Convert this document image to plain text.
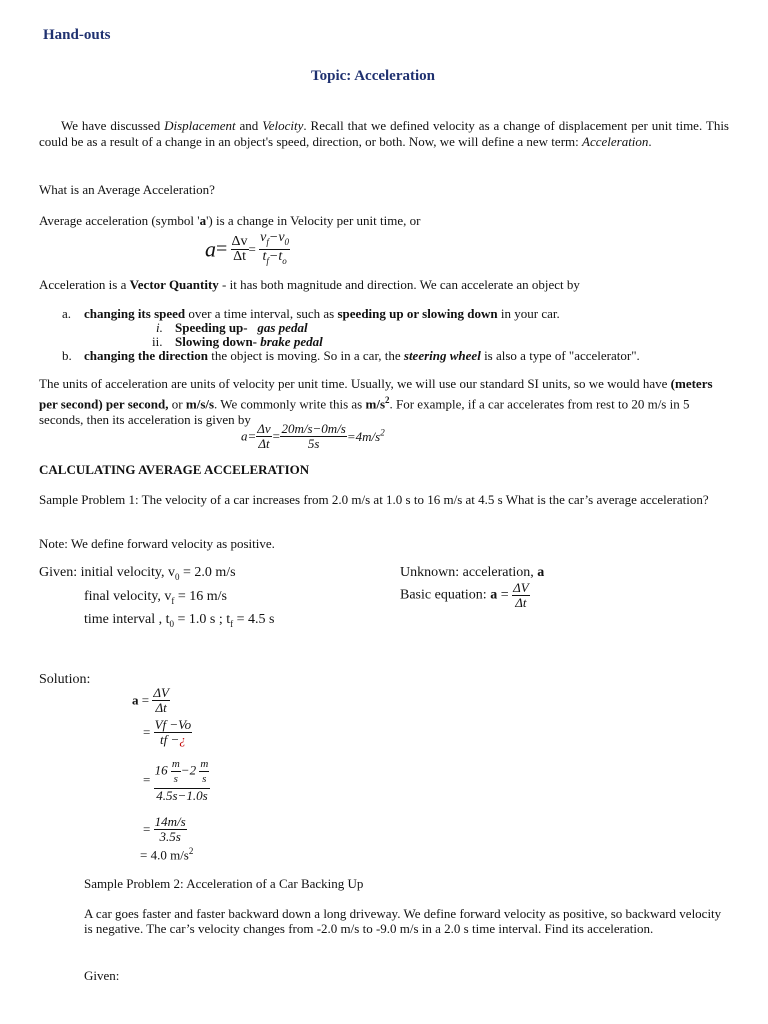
Hand-outs
Topic: Acceleration
We have discussed Displacement and Velocity. Recall that we defined velocity as a change of displacement per unit time. This could be as a result of a change in an object's speed, direction, or both. Now, we will define a new term: Acceleration.
What is an Average Acceleration?
Average acceleration (symbol 'a') is a change in Velocity per unit time, or
$a= \frac{\Delta v}{\Delta t} = \frac{v_f-v_0}{t_f-t_o}$
Acceleration is a Vector Quantity - it has both magnitude and direction. We can accelerate an object by
a. changing its speed over a time interval, such as speeding up or slowing down in your car.
i. Speeding up- gas pedal
ii. Slowing down- brake pedal
b. changing the direction the object is moving. So in a car, the steering wheel is also a type of "accelerator".
The units of acceleration are units of velocity per unit time. Usually, we will use our standard SI units, so we would have (meters per second) per second, or m/s/s. We commonly write this as $m/s^2$. For example, if a car accelerates from rest to 20 m/s in 5 seconds, then its acceleration is given by
$a= \frac{\Delta v}{\Delta t} = \frac{20m/s-0m/s}{5s} =4m/s^2$
CALCULATING AVERAGE ACCELERATION
Sample Problem 1: The velocity of a car increases from 2.0 m/s at 1.0 s to 16 m/s at 4.5 s What is the car’s average acceleration?
Note: We define forward velocity as positive.
Given: initial velocity, $v_0 = 2.0$ m/s
final velocity, $v_f = 16$ m/s
time interval , $t_0 = 1.0$ s ; $t_f = 4.5$ s
Unknown: acceleration, a
Basic equation: $a = \frac{\Delta V}{\Delta t}$
Solution:
$a = \frac{\Delta V}{\Delta t}$
= $\frac{Vf -Vo}{tf -¿}$
= $\frac{16 \frac{m}{s} -2 \frac{m}{s}}{4.5s-1.0s}$
= $\frac{14m/s}{3.5s}$
= 4.0 $m/s^2$
Sample Problem 2: Acceleration of a Car Backing Up
A car goes faster and faster backward down a long driveway. We define forward velocity as positive, so backward velocity is negative. The car’s velocity changes from -2.0 m/s to -9.0 m/s in a 2.0 s time interval. Find its acceleration.
Given:
